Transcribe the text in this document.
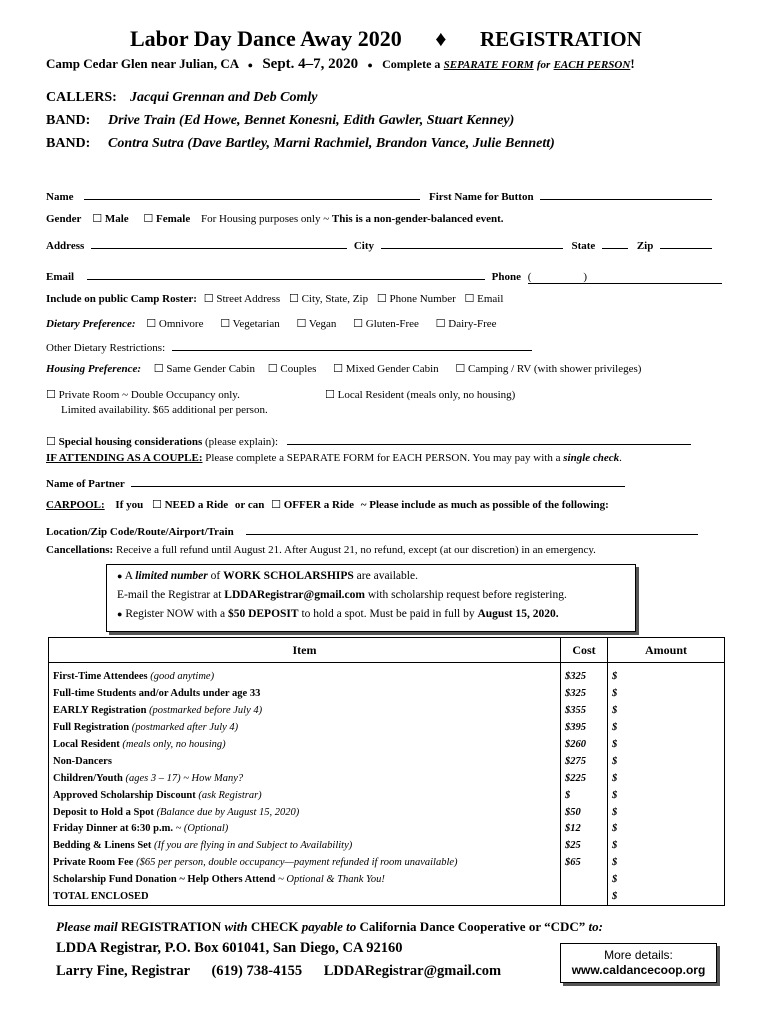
Labor Day Dance Away 2020 ♦ REGISTRATION
Camp Cedar Glen near Julian, CA ● Sept. 4–7, 2020 ● Complete a SEPARATE FORM for EACH PERSON!
CALLERS: Jacqui Grennan and Deb Comly
BAND: Drive Train (Ed Howe, Bennet Konesni, Edith Gawler, Stuart Kenney)
BAND: Contra Sutra (Dave Bartley, Marni Rachmiel, Brandon Vance, Julie Bennett)
Name	First Name for Button
Gender ☐ Male ☐ Female For Housing purposes only ~ This is a non-gender-balanced event.
Address	City	State	Zip
Email	Phone (	)
Include on public Camp Roster: ☐ Street Address ☐ City, State, Zip ☐ Phone Number ☐ Email
Dietary Preference: ☐ Omnivore ☐ Vegetarian ☐ Vegan ☐ Gluten-Free ☐ Dairy-Free
Other Dietary Restrictions:
Housing Preference: ☐ Same Gender Cabin ☐ Couples ☐ Mixed Gender Cabin ☐ Camping / RV (with shower privileges)
☐ Private Room ~ Double Occupancy only.
Limited availability. $65 additional per person.
☐ Local Resident (meals only, no housing)
☐ Special housing considerations (please explain):
IF ATTENDING AS A COUPLE: Please complete a SEPARATE FORM for EACH PERSON. You may pay with a single check.
Name of Partner
CARPOOL: If you ☐ NEED a Ride or can ☐ OFFER a Ride ~ Please include as much as possible of the following:
Location/Zip Code/Route/Airport/Train
Cancellations: Receive a full refund until August 21. After August 21, no refund, except (at our discretion) in an emergency.
● A limited number of WORK SCHOLARSHIPS are available.
E-mail the Registrar at LDDARegistrar@gmail.com with scholarship request before registering.
● Register NOW with a $50 DEPOSIT to hold a spot. Must be paid in full by August 15, 2020.
Item	Cost	Amount
First-Time Attendees (good anytime)	$325	$
Full-time Students and/or Adults under age 33	$325	$
EARLY Registration (postmarked before July 4)	$355	$
Full Registration (postmarked after July 4)	$395	$
Local Resident (meals only, no housing)	$260	$
Non-Dancers	$275	$
Children/Youth (ages 3 – 17) ~ How Many?	$225	$
Approved Scholarship Discount (ask Registrar)	$	$
Deposit to Hold a Spot (Balance due by August 15, 2020)	$50	$
Friday Dinner at 6:30 p.m. ~ (Optional)	$12	$
Bedding & Linens Set (If you are flying in and Subject to Availability)	$25	$
Private Room Fee ($65 per person, double occupancy—payment refunded if room unavailable)	$65	$
Scholarship Fund Donation ~ Help Others Attend ~ Optional & Thank You!		$
TOTAL ENCLOSED		$
Please mail REGISTRATION with CHECK payable to California Dance Cooperative or “CDC” to:
LDDA Registrar, P.O. Box 601041, San Diego, CA 92160
Larry Fine, Registrar (619) 738-4155 LDDARegistrar@gmail.com
More details:
www.caldancecoop.org
